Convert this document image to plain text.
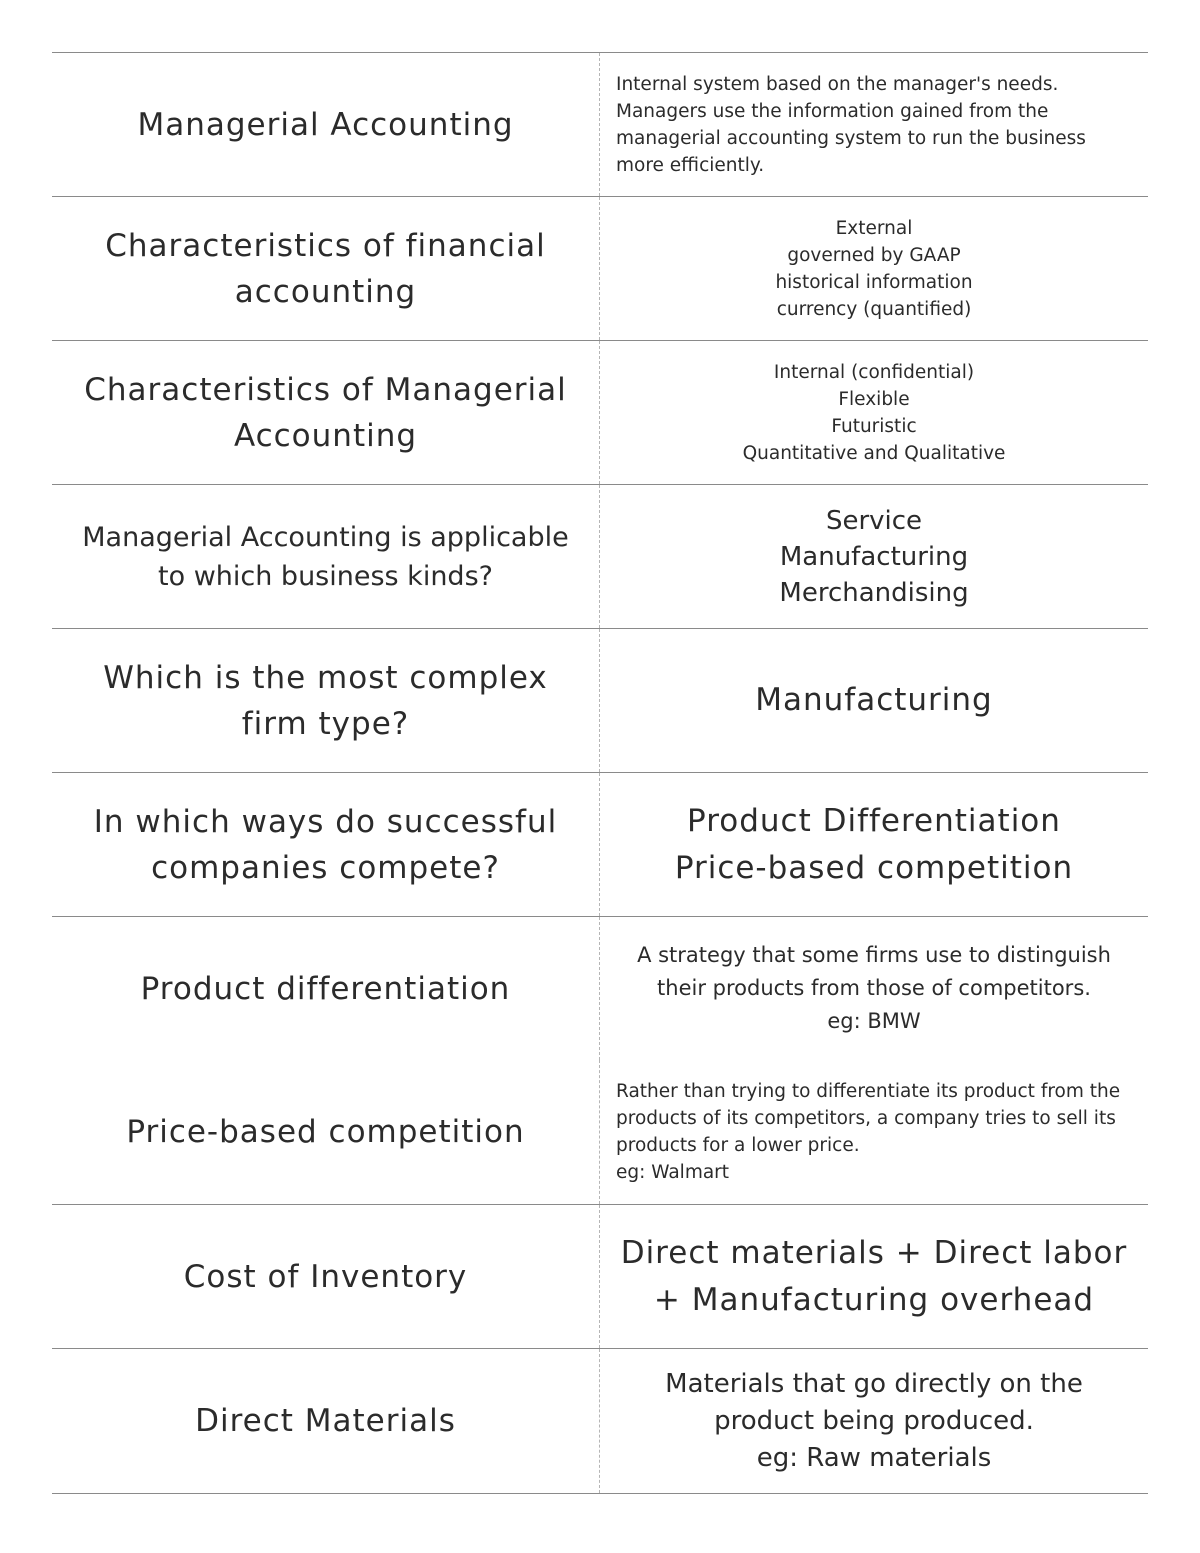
Managerial Accounting
Internal system based on the manager's needs.
Managers use the information gained from the
managerial accounting system to run the business
more efficiently.
Characteristics of financial
accounting
External
governed by GAAP
historical information
currency (quantified)
Characteristics of Managerial
Accounting
Internal (confidential)
Flexible
Futuristic
Quantitative and Qualitative
Managerial Accounting is applicable
to which business kinds?
Service
Manufacturing
Merchandising
Which is the most complex
firm type?
Manufacturing
In which ways do successful
companies compete?
Product Differentiation
Price-based competition
Product differentiation
A strategy that some firms use to distinguish
their products from those of competitors.
eg: BMW
Price-based competition
Rather than trying to differentiate its product from the
products of its competitors, a company tries to sell its
products for a lower price.
eg: Walmart
Cost of Inventory
Direct materials + Direct labor
+ Manufacturing overhead
Direct Materials
Materials that go directly on the
product being produced.
eg: Raw materials
